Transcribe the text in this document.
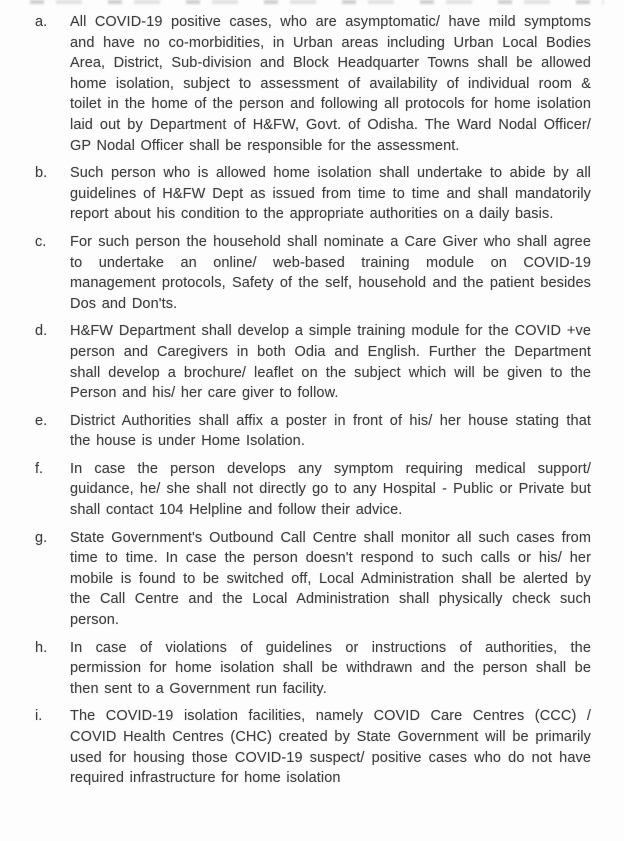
a.	All COVID-19 positive cases, who are asymptomatic/ have mild symptoms and have no co-morbidities, in Urban areas including Urban Local Bodies Area, District, Sub-division and Block Headquarter Towns shall be allowed home isolation, subject to assessment of availability of individual room & toilet in the home of the person and following all protocols for home isolation laid out by Department of H&FW, Govt. of Odisha. The Ward Nodal Officer/ GP Nodal Officer shall be responsible for the assessment.

b.	Such person who is allowed home isolation shall undertake to abide by all guidelines of H&FW Dept as issued from time to time and shall mandatorily report about his condition to the appropriate authorities on a daily basis.

c.	For such person the household shall nominate a Care Giver who shall agree to undertake an online/ web-based training module on COVID-19 management protocols, Safety of the self, household and the patient besides Dos and Don'ts.

d.	H&FW Department shall develop a simple training module for the COVID +ve person and Caregivers in both Odia and English. Further the Department shall develop a brochure/ leaflet on the subject which will be given to the Person and his/ her care giver to follow.

e.	District Authorities shall affix a poster in front of his/ her house stating that the house is under Home Isolation.

f.	In case the person develops any symptom requiring medical support/ guidance, he/ she shall not directly go to any Hospital - Public or Private but shall contact 104 Helpline and follow their advice.

g.	State Government's Outbound Call Centre shall monitor all such cases from time to time. In case the person doesn't respond to such calls or his/ her mobile is found to be switched off, Local Administration shall be alerted by the Call Centre and the Local Administration shall physically check such person.

h.	In case of violations of guidelines or instructions of authorities, the permission for home isolation shall be withdrawn and the person shall be then sent to a Government run facility.

i.	The COVID-19 isolation facilities, namely COVID Care Centres (CCC) / COVID Health Centres (CHC) created by State Government will be primarily used for housing those COVID-19 suspect/ positive cases who do not have required infrastructure for home isolation
